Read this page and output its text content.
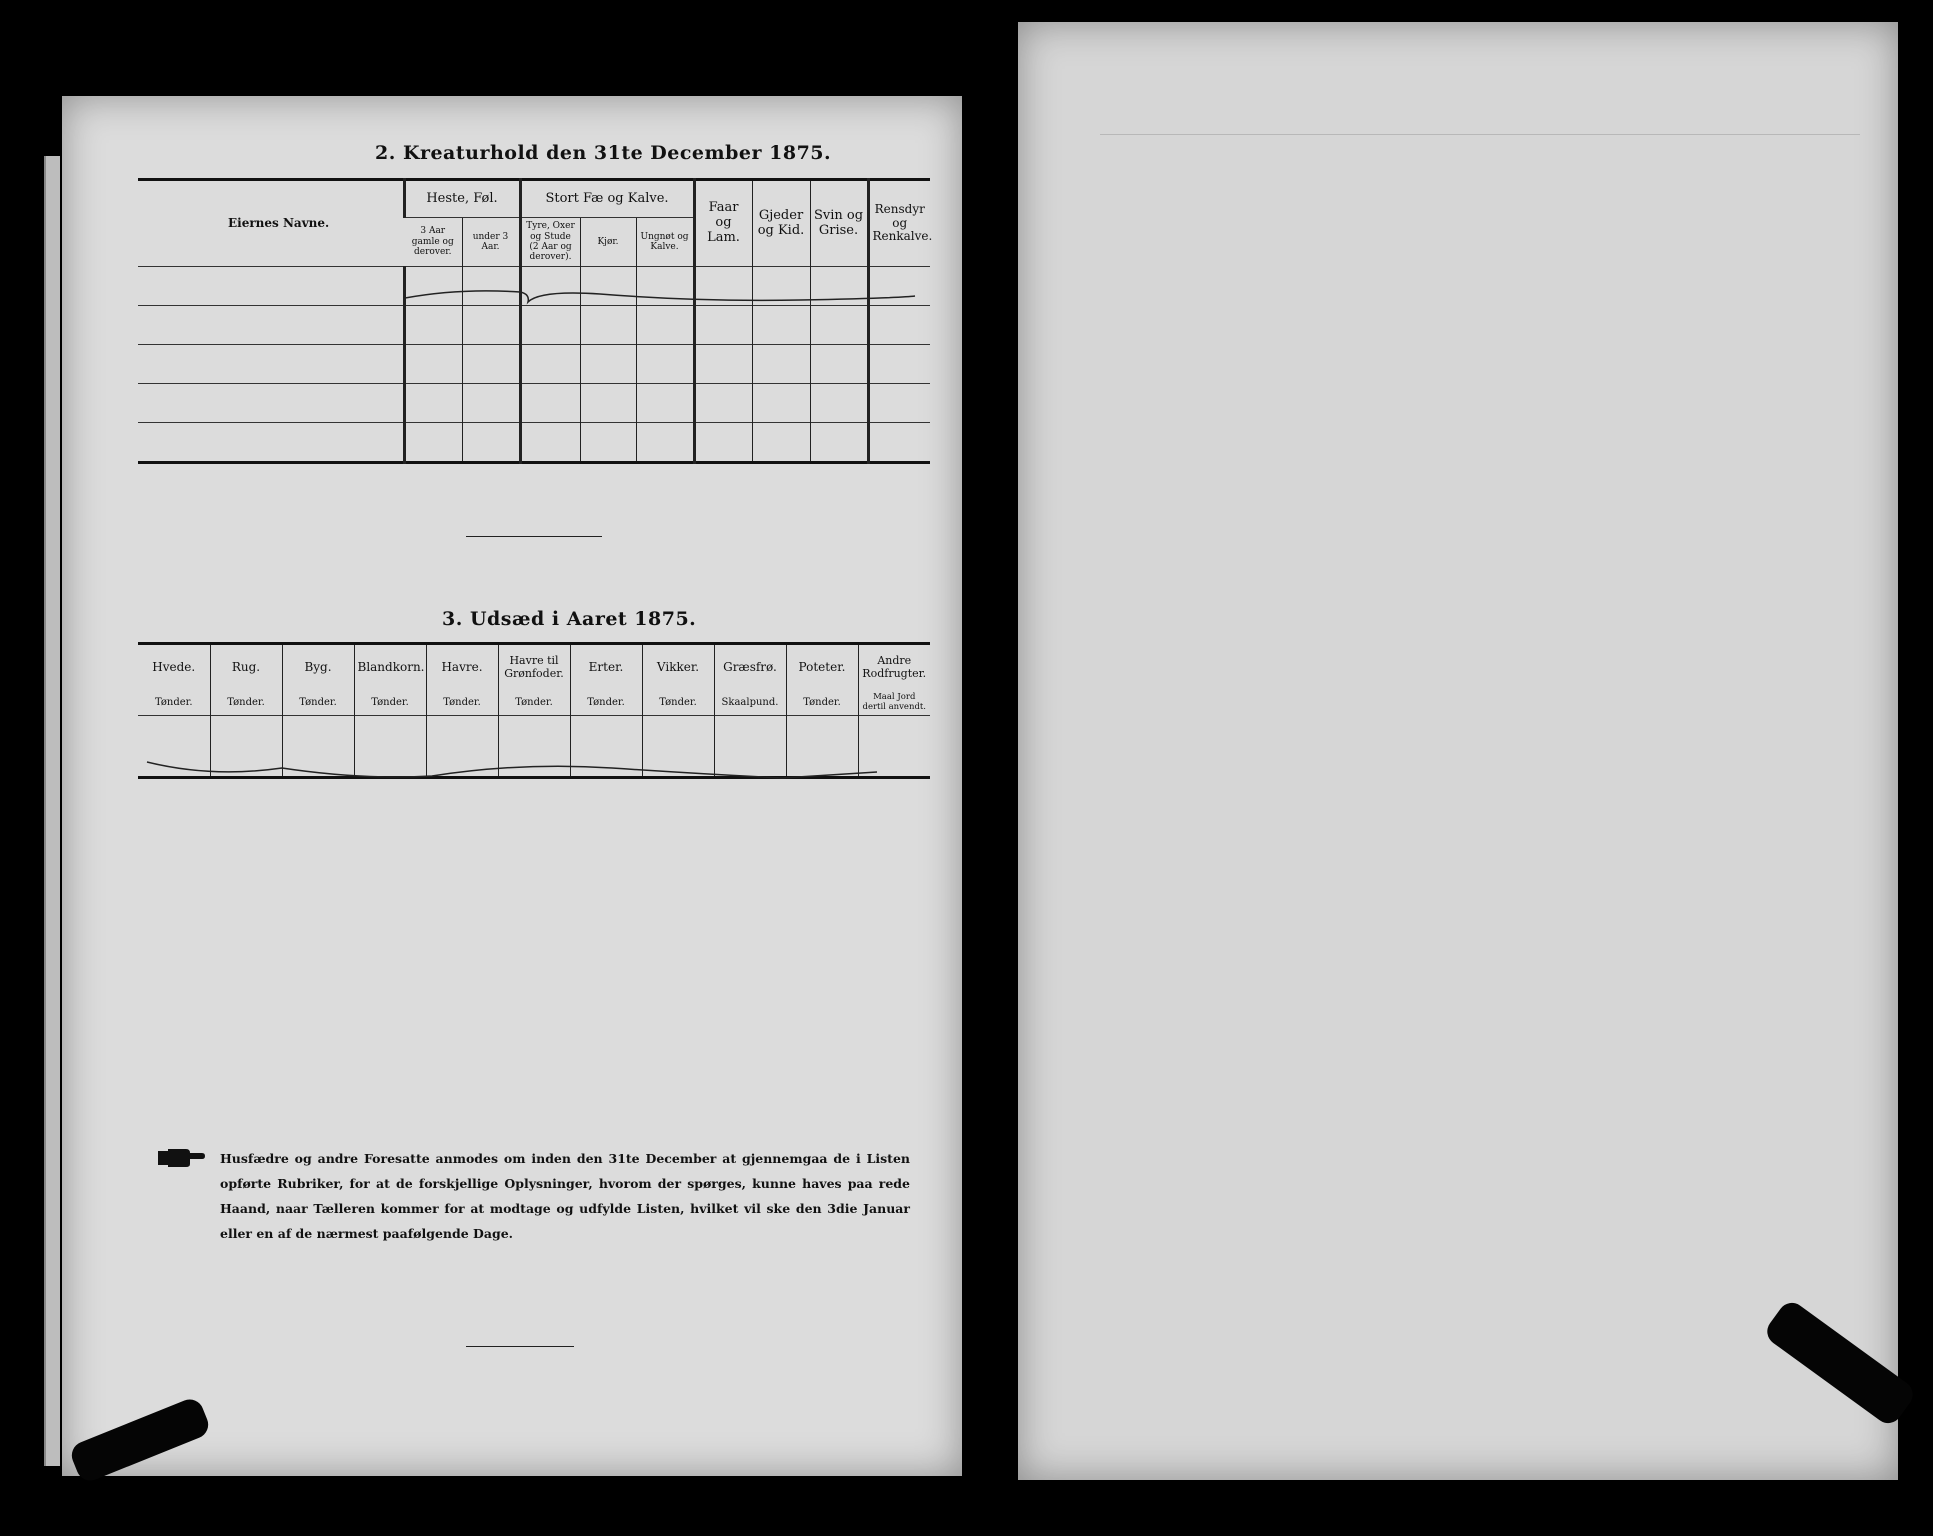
2. Kreaturhold den 31te December 1875.
Eiernes Navne.	Heste, Føl.		Stort Fæ og Kalve.			Faar og Lam.	Gjeder og Kid.	Svin og Grise.	Rensdyr og Renkalve.
	3 Aar gamle og derover.	under 3 Aar.	Tyre, Oxer og Stude (2 Aar og derover).	Kjør.	Ungnøt og Kalve.				

3. Udsæd i Aaret 1875.
Hvede.	Rug.	Byg.	Blandkorn.	Havre.	Havre til Grønfoder.	Erter.	Vikker.	Græsfrø.	Poteter.	Andre Rodfrugter.
Tønder.	Tønder.	Tønder.	Tønder.	Tønder.	Tønder.	Tønder.	Tønder.	Skaalpund.	Tønder.	Maal Jord dertil anvendt.

Husfædre og andre Foresatte anmodes om inden den 31te December at gjennemgaa de i Listen opførte Rubriker, for at de forskjellige Oplysninger, hvorom der spørges, kunne haves paa rede Haand, naar Tælleren kommer for at modtage og udfylde Listen, hvilket vil ske den 3die Januar eller en af de nærmest paafølgende Dage.
